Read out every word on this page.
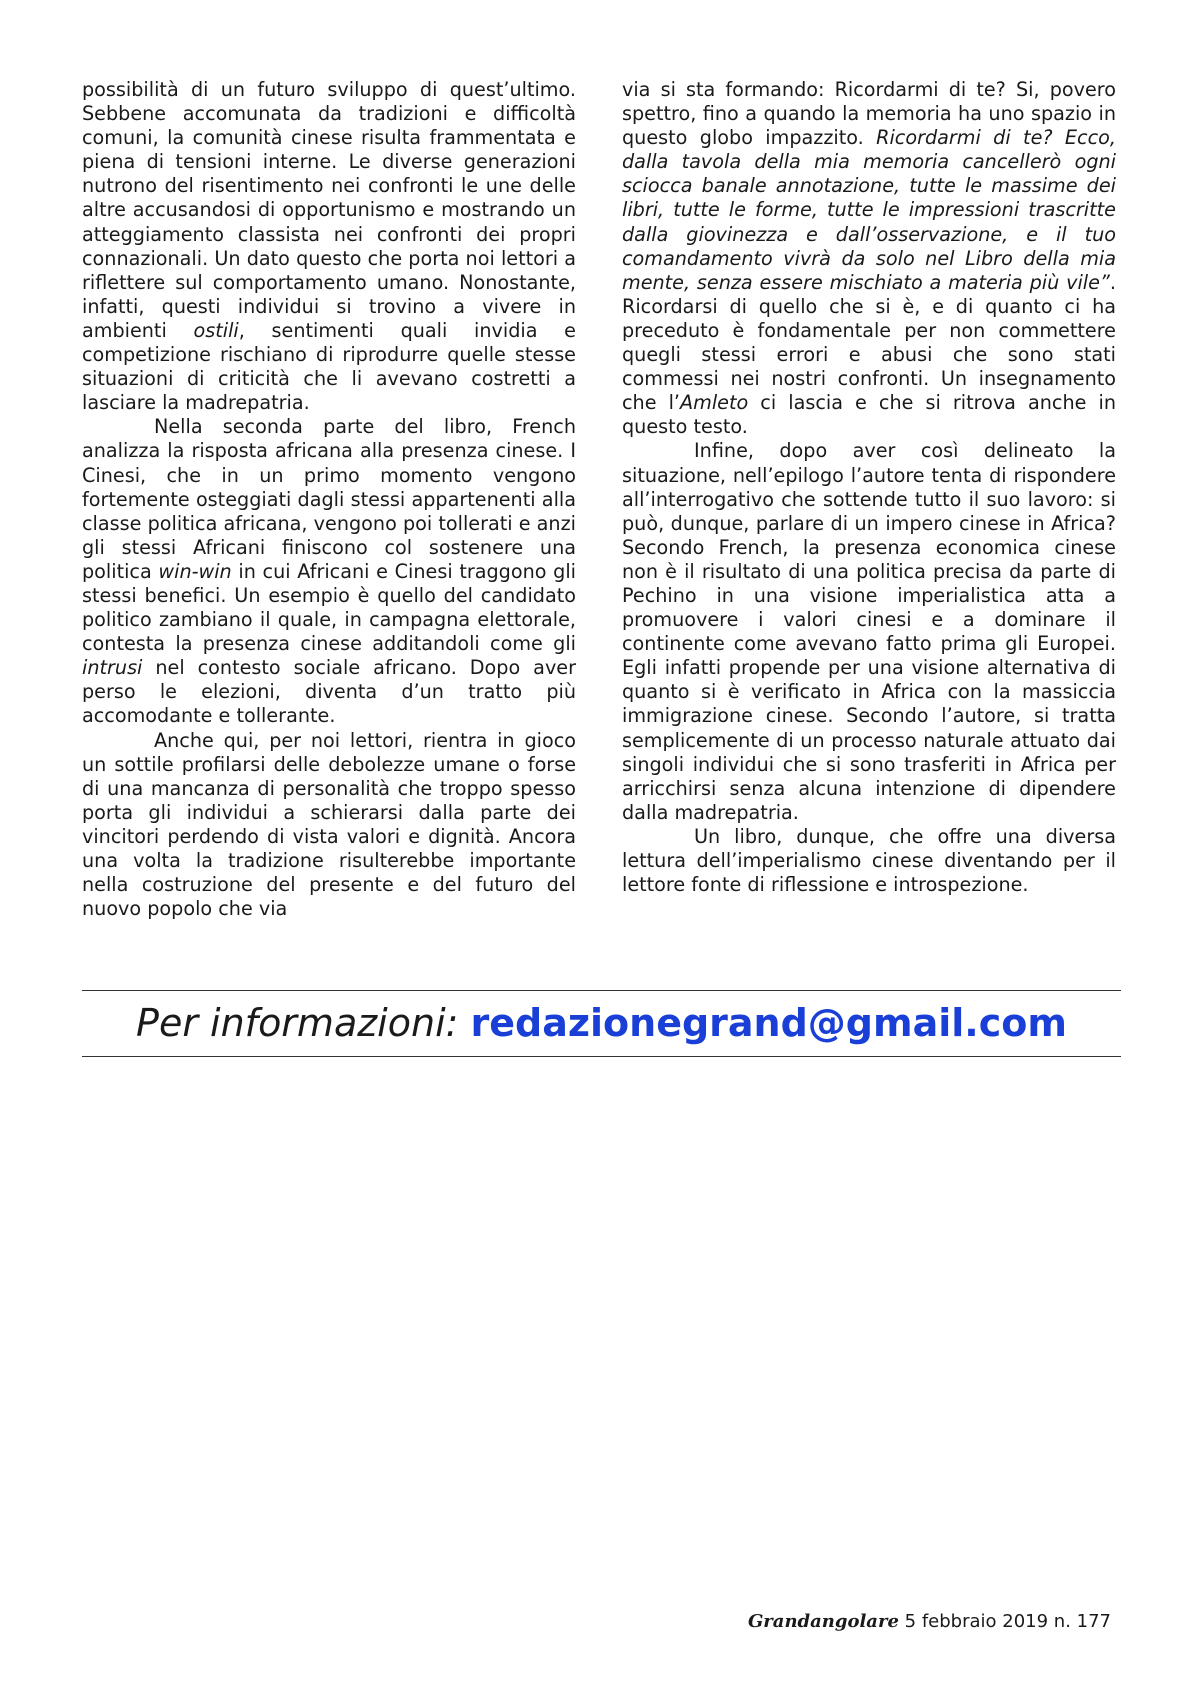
possibilità di un futuro sviluppo di quest’ultimo. Sebbene accomunata da tradizioni e difficoltà comuni, la comunità cinese risulta frammentata e piena di tensioni interne. Le diverse generazioni nutrono del risentimento nei confronti le une delle altre accusandosi di opportunismo e mostrando un atteggiamento classista nei confronti dei propri connazionali. Un dato questo che porta noi lettori a riflettere sul comportamento umano. Nonostante, infatti, questi individui si trovino a vivere in ambienti ostili, sentimenti quali invidia e competizione rischiano di riprodurre quelle stesse situazioni di criticità che li avevano costretti a lasciare la madrepatria.

Nella seconda parte del libro, French analizza la risposta africana alla presenza cinese. I Cinesi, che in un primo momento vengono fortemente osteggiati dagli stessi appartenenti alla classe politica africana, vengono poi tollerati e anzi gli stessi Africani finiscono col sostenere una politica win-win in cui Africani e Cinesi traggono gli stessi benefici. Un esempio è quello del candidato politico zambiano il quale, in campagna elettorale, contesta la presenza cinese additandoli come gli intrusi nel contesto sociale africano. Dopo aver perso le elezioni, diventa d’un tratto più accomodante e tollerante.

Anche qui, per noi lettori, rientra in gioco un sottile profilarsi delle debolezze umane o forse di una mancanza di personalità che troppo spesso porta gli individui a schierarsi dalla parte dei vincitori perdendo di vista valori e dignità. Ancora una volta la tradizione risulterebbe importante nella costruzione del presente e del futuro del nuovo popolo che via

via si sta formando: Ricordarmi di te? Si, povero spettro, fino a quando la memoria ha uno spazio in questo globo impazzito. Ricordarmi di te? Ecco, dalla tavola della mia memoria cancellerò ogni sciocca banale annotazione, tutte le massime dei libri, tutte le forme, tutte le impressioni trascritte dalla giovinezza e dall’osservazione, e il tuo comandamento vivrà da solo nel Libro della mia mente, senza essere mischiato a materia più vile”. Ricordarsi di quello che si è, e di quanto ci ha preceduto è fondamentale per non commettere quegli stessi errori e abusi che sono stati commessi nei nostri confronti. Un insegnamento che l’Amleto ci lascia e che si ritrova anche in questo testo.

Infine, dopo aver così delineato la situazione, nell’epilogo l’autore tenta di rispondere all’interrogativo che sottende tutto il suo lavoro: si può, dunque, parlare di un impero cinese in Africa? Secondo French, la presenza economica cinese non è il risultato di una politica precisa da parte di Pechino in una visione imperialistica atta a promuovere i valori cinesi e a dominare il continente come avevano fatto prima gli Europei. Egli infatti propende per una visione alternativa di quanto si è verificato in Africa con la massiccia immigrazione cinese. Secondo l’autore, si tratta semplicemente di un processo naturale attuato dai singoli individui che si sono trasferiti in Africa per arricchirsi senza alcuna intenzione di dipendere dalla madrepatria.

Un libro, dunque, che offre una diversa lettura dell’imperialismo cinese diventando per il lettore fonte di riflessione e introspezione.

Per informazioni: redazionegrand@gmail.com
Grandangolare 5 febbraio 2019 n. 177
